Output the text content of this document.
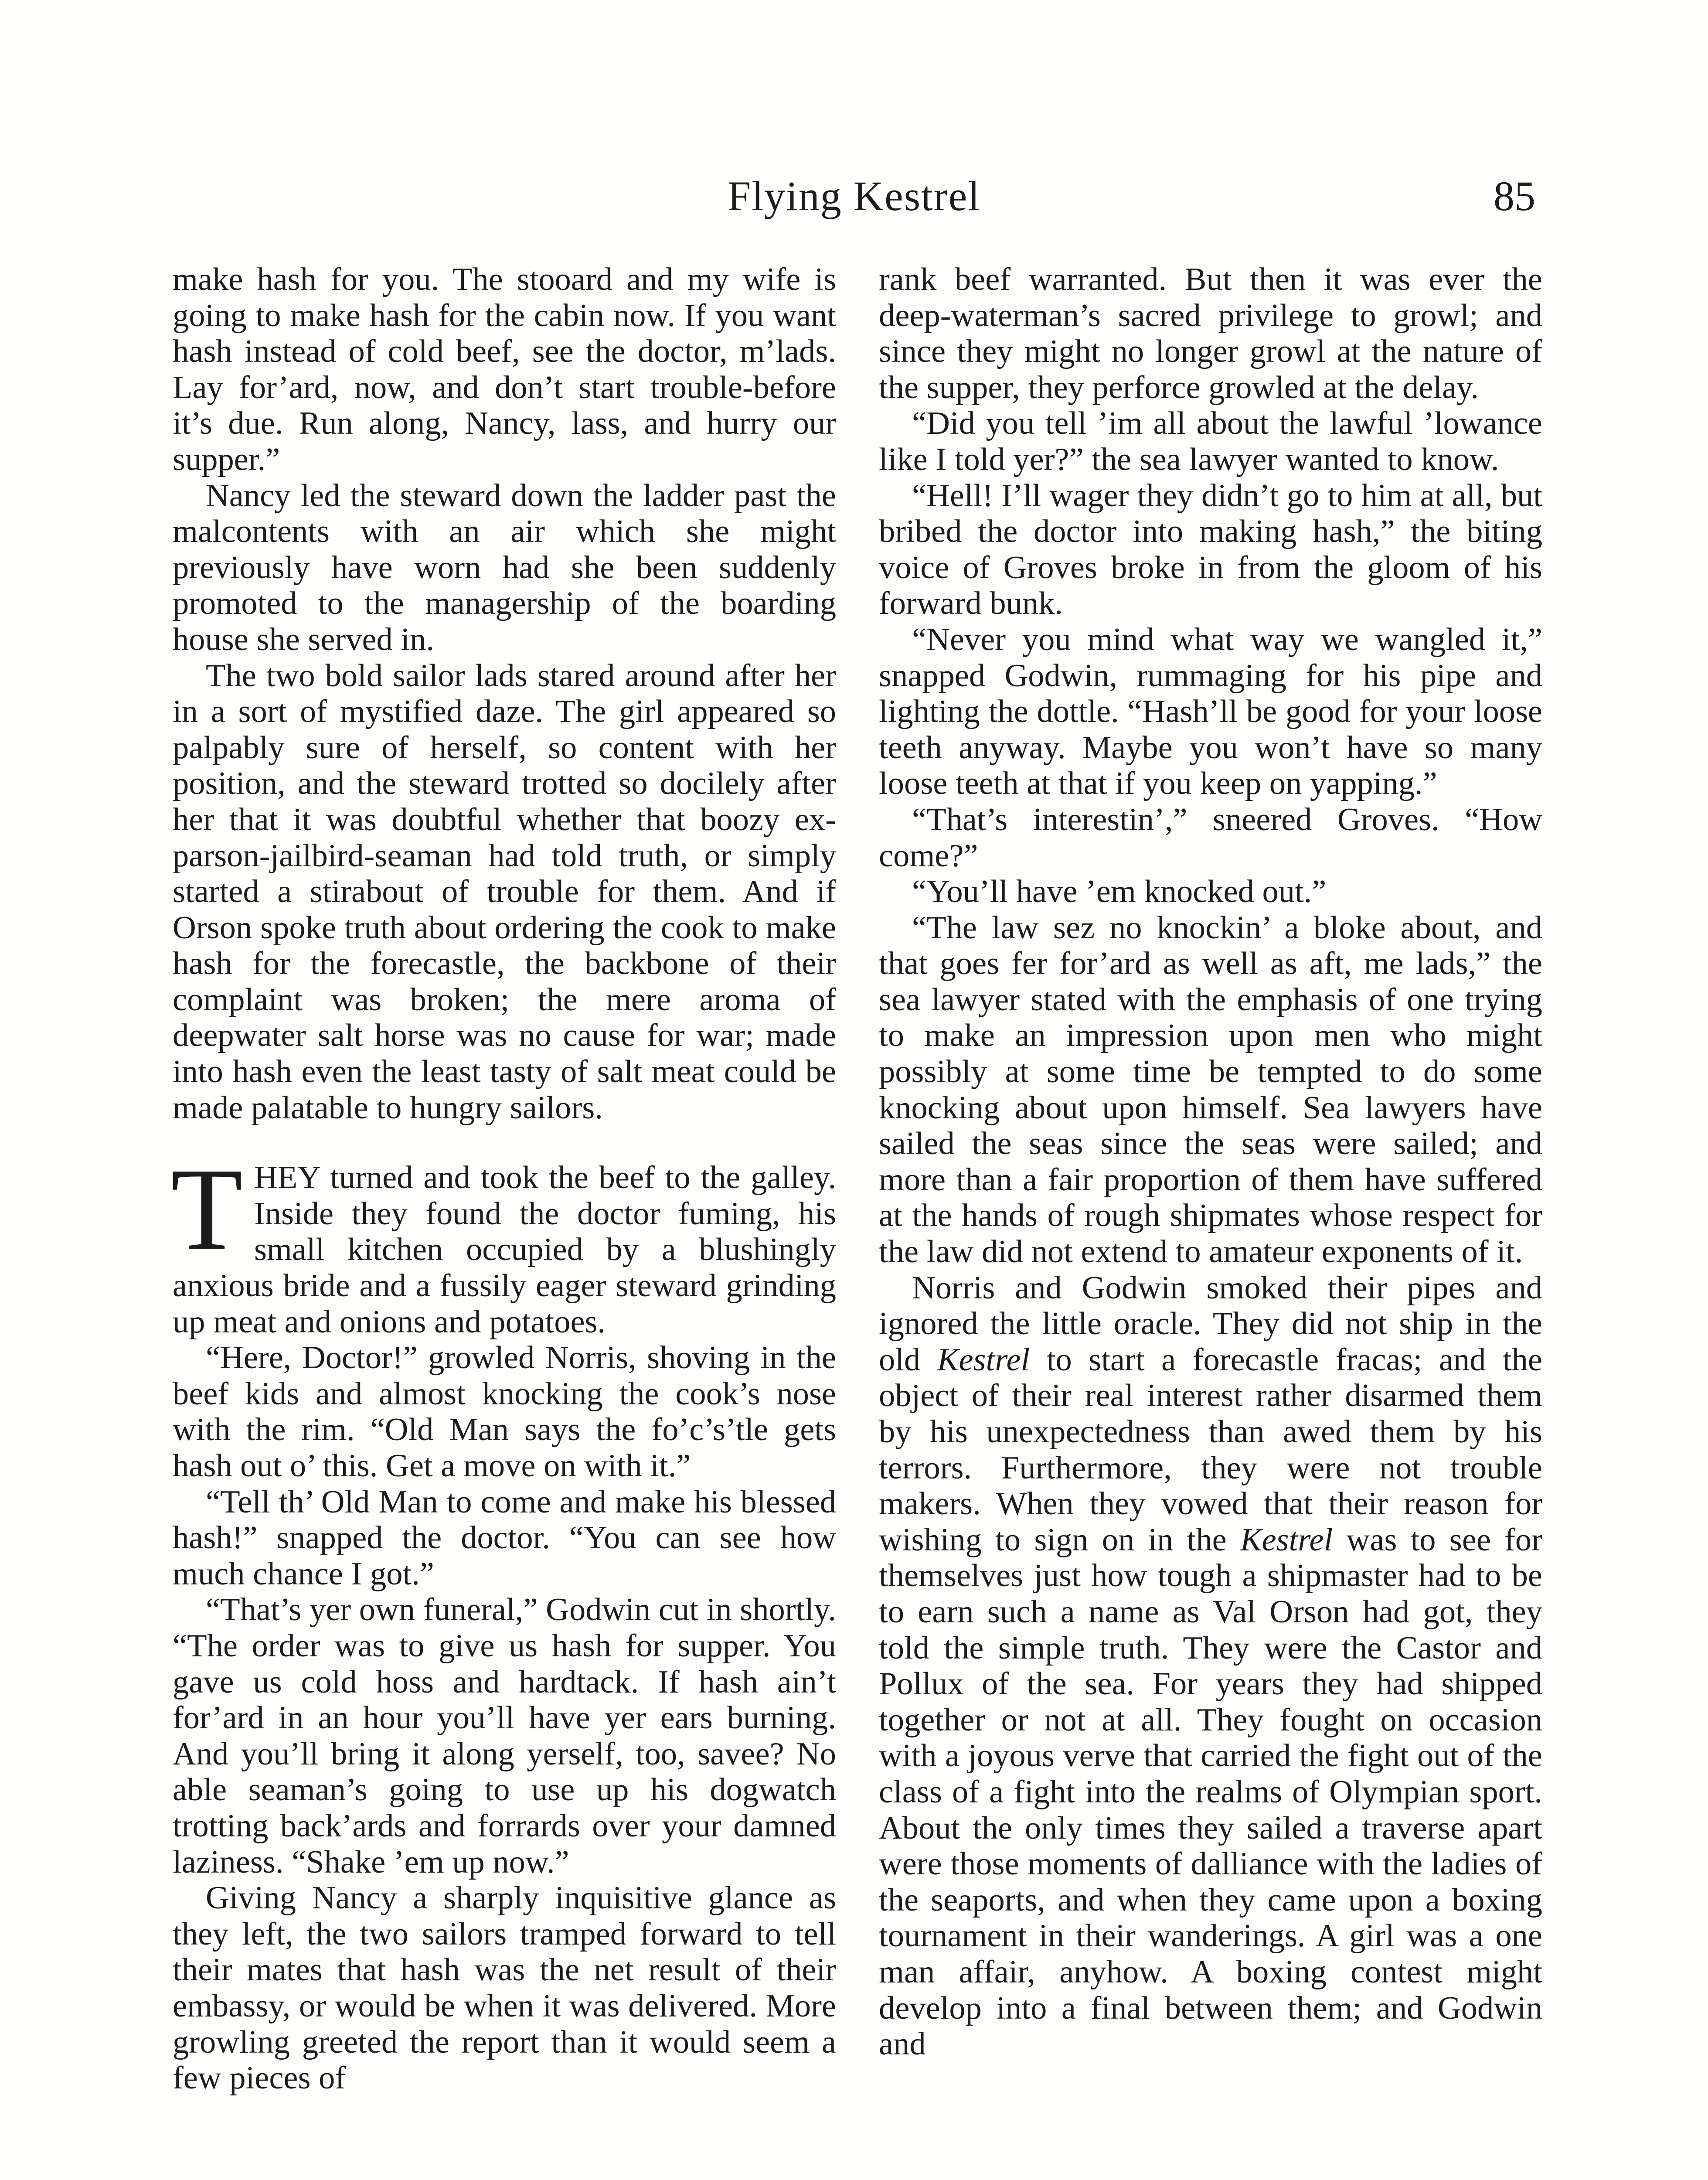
Flying Kestrel	85

make hash for you. The stooard and my wife is going to make hash for the cabin now. If you want hash instead of cold beef, see the doctor, m’lads. Lay for’ard, now, and don’t start trouble-before it’s due. Run along, Nancy, lass, and hurry our supper.”

Nancy led the steward down the ladder past the malcontents with an air which she might previously have worn had she been suddenly promoted to the managership of the boarding house she served in.

The two bold sailor lads stared around after her in a sort of mystified daze. The girl appeared so palpably sure of herself, so content with her position, and the steward trotted so docilely after her that it was doubtful whether that boozy ex-parson-jailbird-seaman had told truth, or simply started a stirabout of trouble for them. And if Orson spoke truth about ordering the cook to make hash for the forecastle, the backbone of their complaint was broken; the mere aroma of deepwater salt horse was no cause for war; made into hash even the least tasty of salt meat could be made palatable to hungry sailors.

THEY turned and took the beef to the galley. Inside they found the doctor fuming, his small kitchen occupied by a blushingly anxious bride and a fussily eager steward grinding up meat and onions and potatoes.

“Here, Doctor!” growled Norris, shoving in the beef kids and almost knocking the cook’s nose with the rim. “Old Man says the fo’c’s’tle gets hash out o’ this. Get a move on with it.”

“Tell th’ Old Man to come and make his blessed hash!” snapped the doctor. “You can see how much chance I got.”

“That’s yer own funeral,” Godwin cut in shortly. “The order was to give us hash for supper. You gave us cold hoss and hardtack. If hash ain’t for’ard in an hour you’ll have yer ears burning. And you’ll bring it along yerself, too, savee? No able seaman’s going to use up his dogwatch trotting back’ards and forrards over your damned laziness. “Shake ’em up now.”

Giving Nancy a sharply inquisitive glance as they left, the two sailors tramped forward to tell their mates that hash was the net result of their embassy, or would be when it was delivered. More growling greeted the report than it would seem a few pieces of

rank beef warranted. But then it was ever the deep-waterman’s sacred privilege to growl; and since they might no longer growl at the nature of the supper, they perforce growled at the delay.

“Did you tell ’im all about the lawful ’lowance like I told yer?” the sea lawyer wanted to know.

“Hell! I’ll wager they didn’t go to him at all, but bribed the doctor into making hash,” the biting voice of Groves broke in from the gloom of his forward bunk.

“Never you mind what way we wangled it,” snapped Godwin, rummaging for his pipe and lighting the dottle. “Hash’ll be good for your loose teeth anyway. Maybe you won’t have so many loose teeth at that if you keep on yapping.”

“That’s interestin’,” sneered Groves. “How come?”

“You’ll have ’em knocked out.”

“The law sez no knockin’ a bloke about, and that goes fer for’ard as well as aft, me lads,” the sea lawyer stated with the emphasis of one trying to make an impression upon men who might possibly at some time be tempted to do some knocking about upon himself. Sea lawyers have sailed the seas since the seas were sailed; and more than a fair proportion of them have suffered at the hands of rough shipmates whose respect for the law did not extend to amateur exponents of it.

Norris and Godwin smoked their pipes and ignored the little oracle. They did not ship in the old Kestrel to start a forecastle fracas; and the object of their real interest rather disarmed them by his unexpectedness than awed them by his terrors. Furthermore, they were not trouble makers. When they vowed that their reason for wishing to sign on in the Kestrel was to see for themselves just how tough a shipmaster had to be to earn such a name as Val Orson had got, they told the simple truth. They were the Castor and Pollux of the sea. For years they had shipped together or not at all. They fought on occasion with a joyous verve that carried the fight out of the class of a fight into the realms of Olympian sport. About the only times they sailed a traverse apart were those moments of dalliance with the ladies of the seaports, and when they came upon a boxing tournament in their wanderings. A girl was a one man affair, anyhow. A boxing contest might develop into a final between them; and Godwin and
